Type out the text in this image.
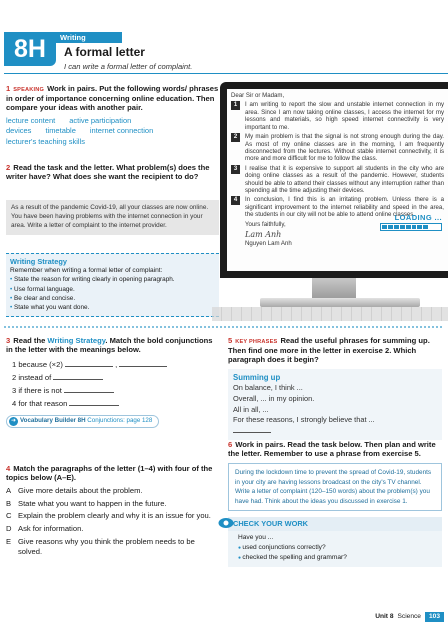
8H	Writing
A formal letter
I can write a formal letter of complaint.
1 SPEAKING Work in pairs. Put the following words/ phrases in order of importance concerning online education. Then compare your ideas with another pair.
lecture content active participation
devices timetable internet connection
lecturer's teaching skills
2 Read the task and the letter. What problem(s) does the writer have? What does she want the recipient to do?
As a result of the pandemic Covid-19, all your classes are now online. You have been having problems with the internet connection in your area. Write a letter of complaint to the internet provider.
Writing Strategy
Remember when writing a formal letter of complaint:
• State the reason for writing clearly in opening paragraph.
• Use formal language.
• Be clear and concise.
• State what you want done.
Dear Sir or Madam,
1	I am writing to report the slow and unstable internet connection in my area. Since I am now taking online classes, I access the internet for my lessons and materials, so high speed internet connectivity is very important to me.
2	My main problem is that the signal is not strong enough during the day. As most of my online classes are in the morning, I am frequently disconnected from the lectures. Without stable internet connectivity, it is more and more difficult for me to follow the class.
3	I realise that it is expensive to support all students in the city who are doing online classes as a result of the pandemic. However, students should be able to attend their classes without any interruption rather than spending all the time adjusting their devices.
4	In conclusion, I find this is an irritating problem. Unless there is a significant improvement to the internet reliability and speed in the area, the students in our city will not be able to attend online classes.
Yours faithfully,
Lam Anh
Nguyen Lam Anh
LOADING ...
3 Read the Writing Strategy. Match the bold conjunctions in the letter with the meanings below.
1 because (×2)	,
2 instead of
3 if there is not
4 for that reason
➜ Vocabulary Builder 8H Conjunctions: page 128
4 Match the paragraphs of the letter (1–4) with four of the topics below (A–E).
A Give more details about the problem.
B State what you want to happen in the future.
C Explain the problem clearly and why it is an issue for you.
D Ask for information.
E Give reasons why you think the problem needs to be solved.
5 KEY PHRASES Read the useful phrases for summing up. Then find one more in the letter in exercise 2. Which paragraph does it begin?
Summing up
On balance, I think ...
Overall, ... in my opinion.
All in all, ...
For these reasons, I strongly believe that ...
6 Work in pairs. Read the task below. Then plan and write the letter. Remember to use a phrase from exercise 5.
During the lockdown time to prevent the spread of Covid-19, students in your city are having lessons broadcast on the city's TV channel. Write a letter of complaint (120–150 words) about the problem(s) you have had. Think about the ideas you discussed in exercise 1.
CHECK YOUR WORK
Have you ...
● used conjunctions correctly?
● checked the spelling and grammar?
Unit 8 Science	103
